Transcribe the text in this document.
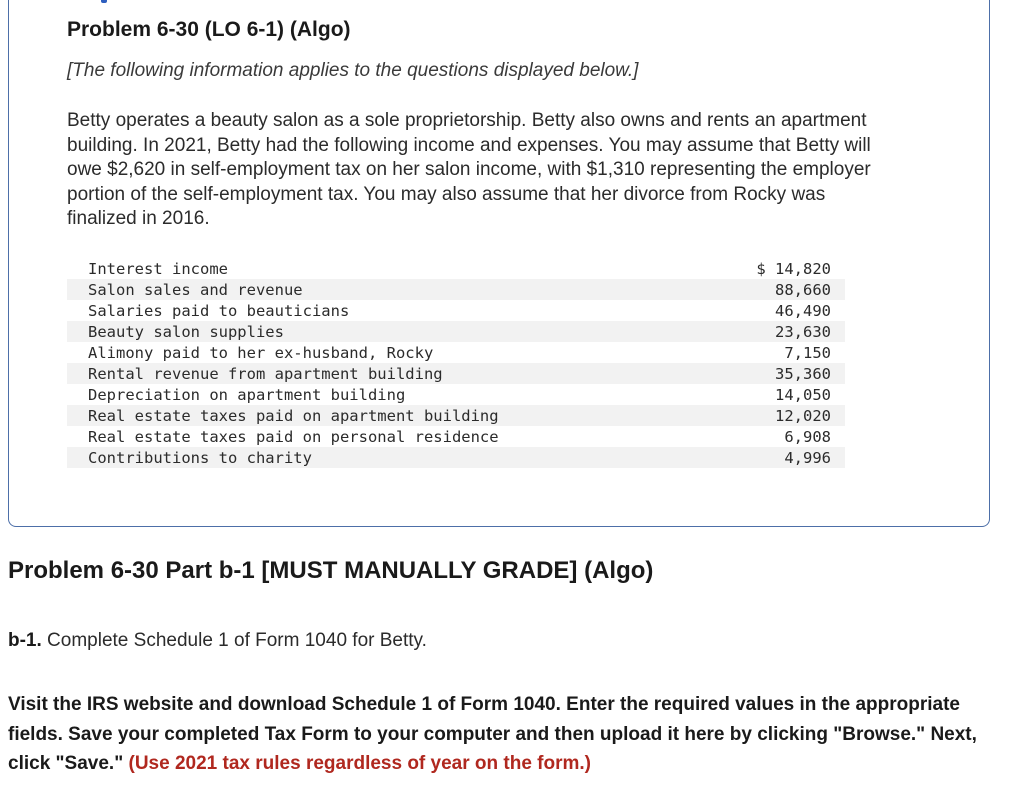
Problem 6-30 (LO 6-1) (Algo)

[The following information applies to the questions displayed below.]

Betty operates a beauty salon as a sole proprietorship. Betty also owns and rents an apartment building. In 2021, Betty had the following income and expenses. You may assume that Betty will owe $2,620 in self-employment tax on her salon income, with $1,310 representing the employer portion of the self-employment tax. You may also assume that her divorce from Rocky was finalized in 2016.

Interest income	$ 14,820
Salon sales and revenue	88,660
Salaries paid to beauticians	46,490
Beauty salon supplies	23,630
Alimony paid to her ex-husband, Rocky	7,150
Rental revenue from apartment building	35,360
Depreciation on apartment building	14,050
Real estate taxes paid on apartment building	12,020
Real estate taxes paid on personal residence	6,908
Contributions to charity	4,996
Problem 6-30 Part b-1 [MUST MANUALLY GRADE] (Algo)

b-1. Complete Schedule 1 of Form 1040 for Betty.

Visit the IRS website and download Schedule 1 of Form 1040. Enter the required values in the appropriate fields. Save your completed Tax Form to your computer and then upload it here by clicking "Browse." Next, click "Save." (Use 2021 tax rules regardless of year on the form.)
